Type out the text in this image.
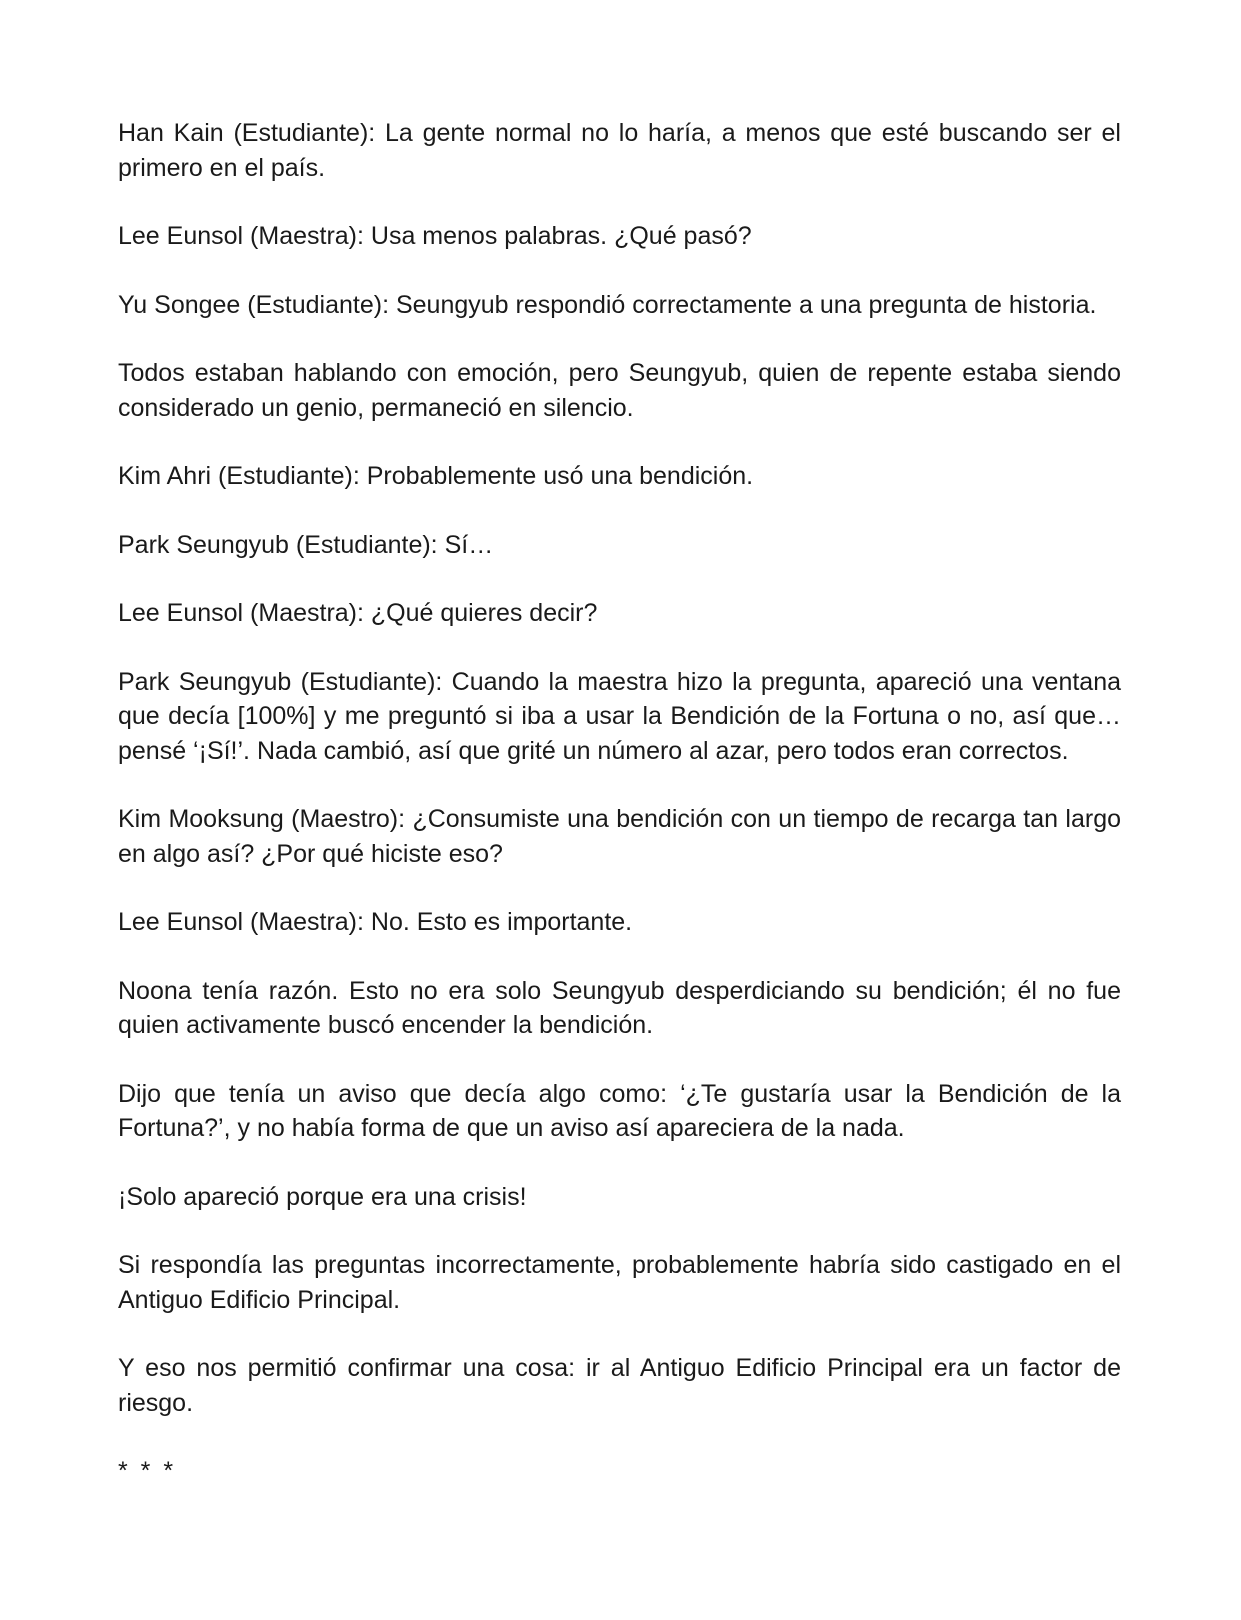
Han Kain (Estudiante): La gente normal no lo haría, a menos que esté buscando ser el primero en el país.

Lee Eunsol (Maestra): Usa menos palabras. ¿Qué pasó?

Yu Songee (Estudiante): Seungyub respondió correctamente a una pregunta de historia.

Todos estaban hablando con emoción, pero Seungyub, quien de repente estaba siendo considerado un genio, permaneció en silencio.

Kim Ahri (Estudiante): Probablemente usó una bendición.

Park Seungyub (Estudiante): Sí…

Lee Eunsol (Maestra): ¿Qué quieres decir?

Park Seungyub (Estudiante): Cuando la maestra hizo la pregunta, apareció una ventana que decía [100%] y me preguntó si iba a usar la Bendición de la Fortuna o no, así que… pensé ‘¡Sí!’. Nada cambió, así que grité un número al azar, pero todos eran correctos.

Kim Mooksung (Maestro): ¿Consumiste una bendición con un tiempo de recarga tan largo en algo así? ¿Por qué hiciste eso?

Lee Eunsol (Maestra): No. Esto es importante.

Noona tenía razón. Esto no era solo Seungyub desperdiciando su bendición; él no fue quien activamente buscó encender la bendición.

Dijo que tenía un aviso que decía algo como: ‘¿Te gustaría usar la Bendición de la Fortuna?’, y no había forma de que un aviso así apareciera de la nada.

¡Solo apareció porque era una crisis!

Si respondía las preguntas incorrectamente, probablemente habría sido castigado en el Antiguo Edificio Principal.

Y eso nos permitió confirmar una cosa: ir al Antiguo Edificio Principal era un factor de riesgo.

* * *
